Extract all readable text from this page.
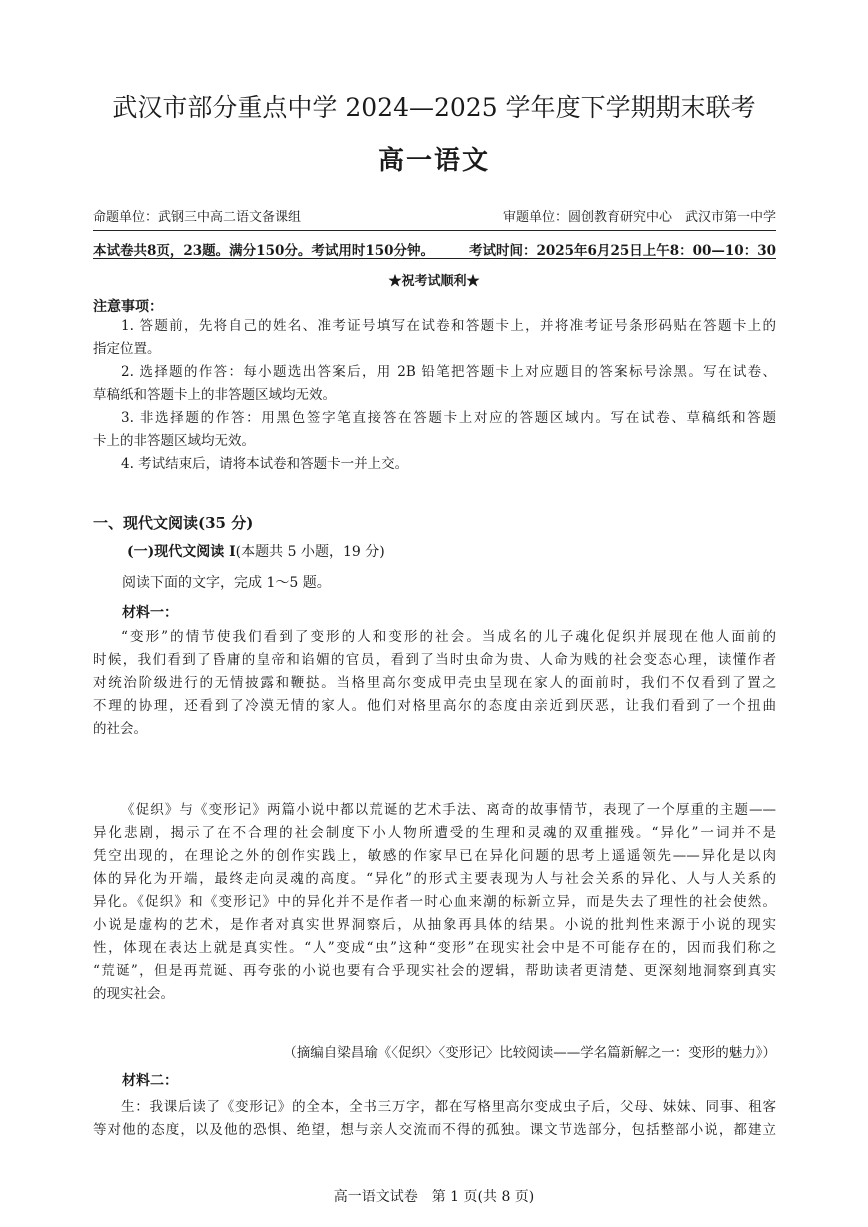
武汉市部分重点中学 2024—2025 学年度下学期期末联考
高一语文
命题单位：武钢三中高二语文备课组	审题单位：圆创教育研究中心　武汉市第一中学
本试卷共8页，23题。满分150分。考试用时150分钟。	考试时间：2025年6月25日上午8：00—10：30
★祝考试顺利★
注意事项：
1. 答题前，先将自己的姓名、准考证号填写在试卷和答题卡上，并将准考证号条形码贴在答题卡上的
指定位置。
2. 选择题的作答：每小题选出答案后，用 2B 铅笔把答题卡上对应题目的答案标号涂黑。写在试卷、
草稿纸和答题卡上的非答题区域均无效。
3. 非选择题的作答：用黑色签字笔直接答在答题卡上对应的答题区域内。写在试卷、草稿纸和答题
卡上的非答题区域均无效。
4. 考试结束后，请将本试卷和答题卡一并上交。
一、现代文阅读(35 分)
(一)现代文阅读 I(本题共 5 小题，19 分)
阅读下面的文字，完成 1～5 题。
材料一：
“变形”的情节使我们看到了变形的人和变形的社会。当成名的儿子魂化促织并展现在他人面前的
时候，我们看到了昏庸的皇帝和谄媚的官员，看到了当时虫命为贵、人命为贱的社会变态心理，读懂作者
对统治阶级进行的无情披露和鞭挞。当格里高尔变成甲壳虫呈现在家人的面前时，我们不仅看到了置之
不理的协理，还看到了冷漠无情的家人。他们对格里高尔的态度由亲近到厌恶，让我们看到了一个扭曲
的社会。
《促织》与《变形记》两篇小说中都以荒诞的艺术手法、离奇的故事情节，表现了一个厚重的主题——
异化悲剧，揭示了在不合理的社会制度下小人物所遭受的生理和灵魂的双重摧残。“异化”一词并不是
凭空出现的，在理论之外的创作实践上，敏感的作家早已在异化问题的思考上遥遥领先——异化是以肉
体的异化为开端，最终走向灵魂的高度。“异化”的形式主要表现为人与社会关系的异化、人与人关系的
异化。《促织》和《变形记》中的异化并不是作者一时心血来潮的标新立异，而是失去了理性的社会使然。
小说是虚构的艺术，是作者对真实世界洞察后，从抽象再具体的结果。小说的批判性来源于小说的现实
性，体现在表达上就是真实性。“人”变成“虫”这种“变形”在现实社会中是不可能存在的，因而我们称之
“荒诞”，但是再荒诞、再夸张的小说也要有合乎现实社会的逻辑，帮助读者更清楚、更深刻地洞察到真实
的现实社会。
（摘编自梁昌瑜《〈促织〉〈变形记〉比较阅读——学名篇新解之一：变形的魅力》）
材料二：
生：我课后读了《变形记》的全本，全书三万字，都在写格里高尔变成虫子后，父母、妹妹、同事、租客
等对他的态度，以及他的恐惧、绝望，想与亲人交流而不得的孤独。课文节选部分，包括整部小说，都建立
高一语文试卷　第 1 页(共 8 页)
